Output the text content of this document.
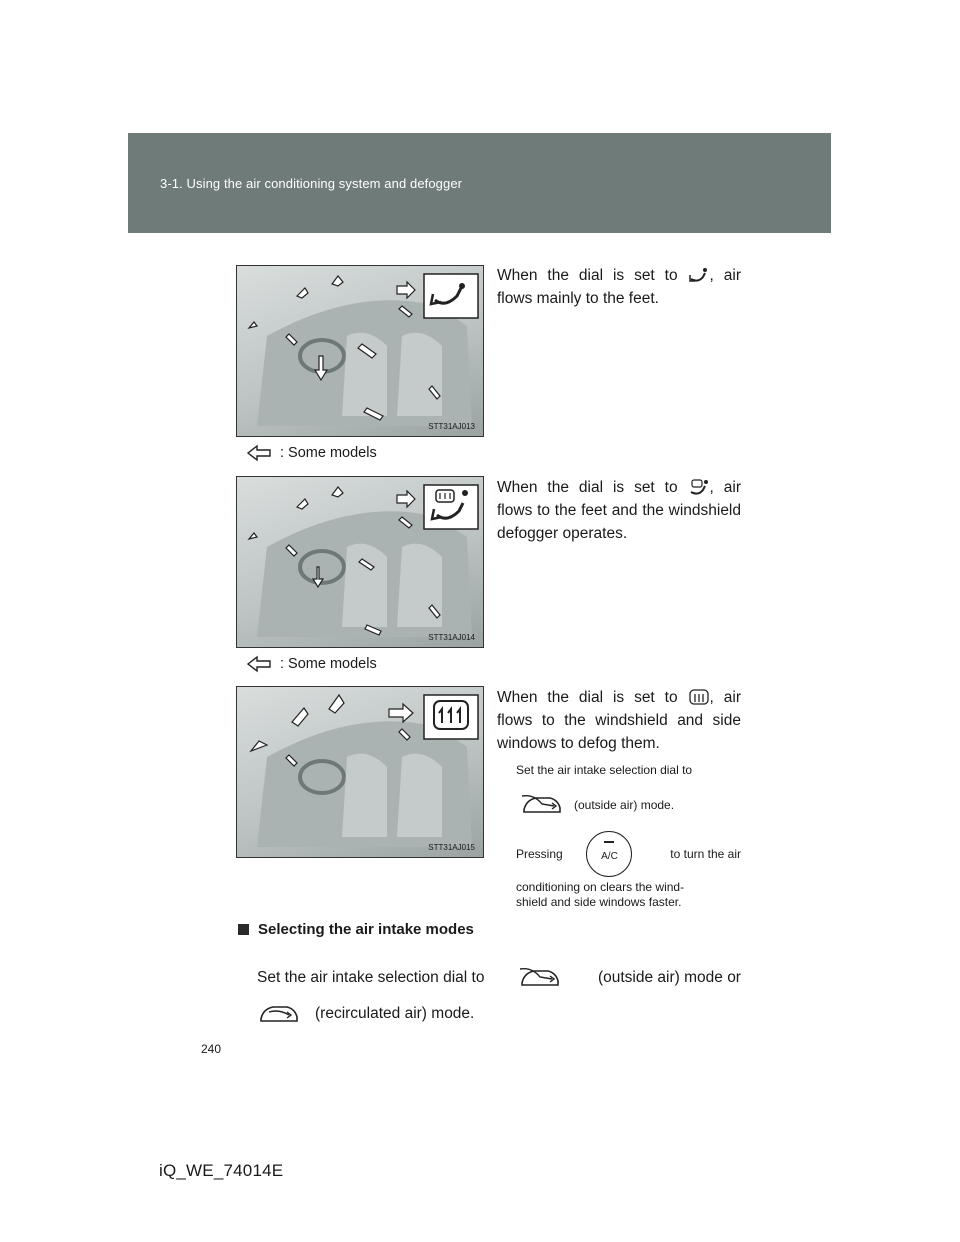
3-1. Using the air conditioning system and defogger
STT31AJ013
When the dial is set to , air flows mainly to the feet.
: Some models
STT31AJ014
When the dial is set to , air flows to the feet and the windshield defogger operates.
: Some models
STT31AJ015
When the dial is set to , air flows to the windshield and side windows to defog them.
Set the air intake selection dial to
(outside air) mode.
Pressing	A/C	to turn the air
conditioning on clears the wind-
shield and side windows faster.
Selecting the air intake modes
Set the air intake selection dial to	(outside air) mode or
(recirculated air) mode.
240
iQ_WE_74014E
